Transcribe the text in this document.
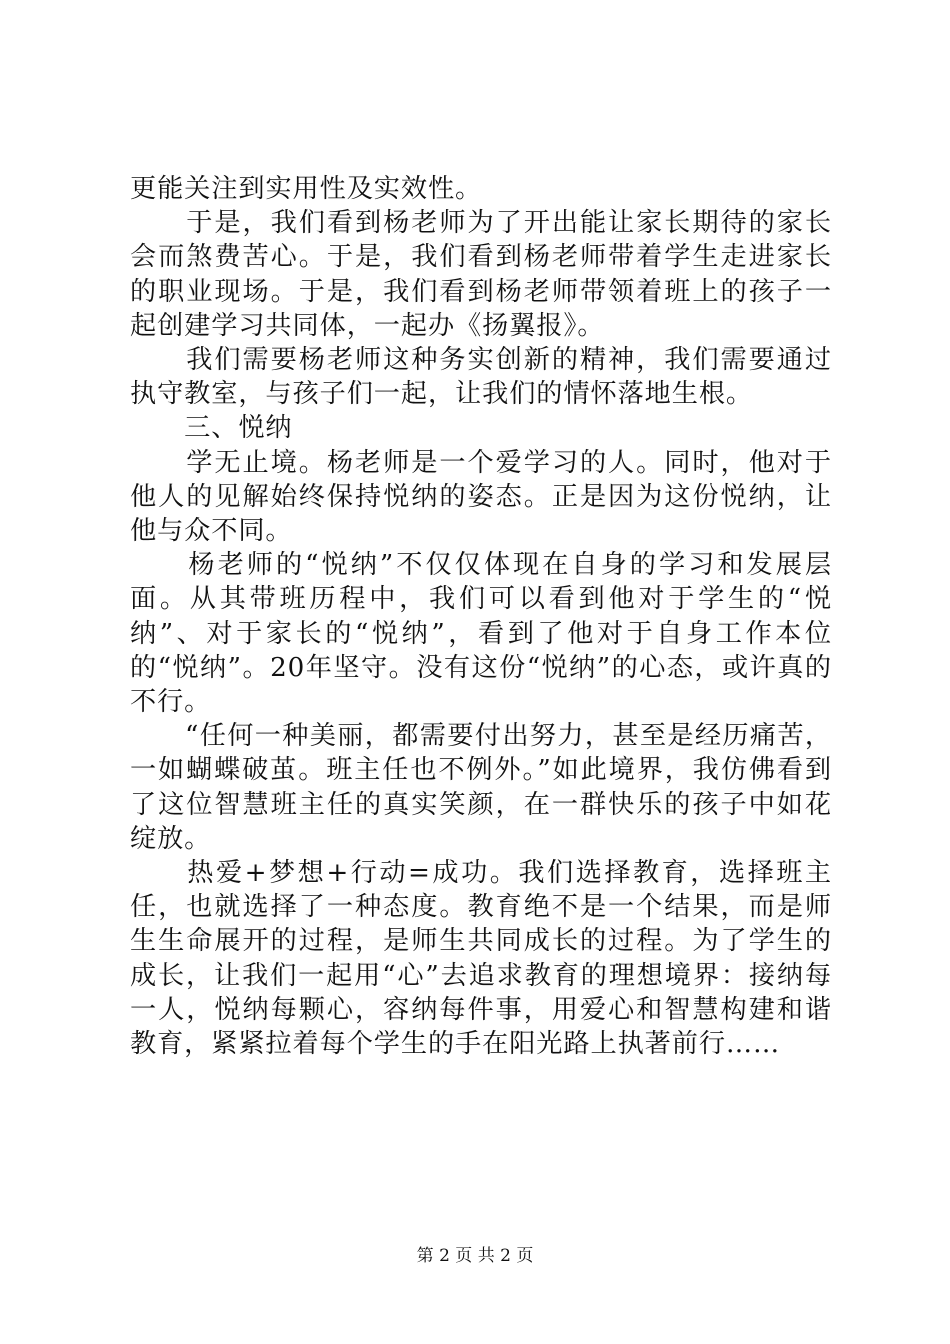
更能关注到实用性及实效性。

　　于是，我们看到杨老师为了开出能让家长期待的家长会而煞费苦心。于是，我们看到杨老师带着学生走进家长的职业现场。于是，我们看到杨老师带领着班上的孩子一起创建学习共同体，一起办《扬翼报》。

　　我们需要杨老师这种务实创新的精神，我们需要通过执守教室，与孩子们一起，让我们的情怀落地生根。

　　三、悦纳

　　学无止境。杨老师是一个爱学习的人。同时，他对于他人的见解始终保持悦纳的姿态。正是因为这份悦纳，让他与众不同。

　　杨老师的“悦纳”不仅仅体现在自身的学习和发展层面。从其带班历程中，我们可以看到他对于学生的“悦纳”、对于家长的“悦纳”，看到了他对于自身工作本位的“悦纳”。20年坚守。没有这份“悦纳”的心态，或许真的不行。

　　“任何一种美丽，都需要付出努力，甚至是经历痛苦，一如蝴蝶破茧。班主任也不例外。”如此境界，我仿佛看到了这位智慧班主任的真实笑颜，在一群快乐的孩子中如花绽放。

　　热爱+梦想+行动=成功。我们选择教育，选择班主任，也就选择了一种态度。教育绝不是一个结果，而是师生生命展开的过程，是师生共同成长的过程。为了学生的成长，让我们一起用“心”去追求教育的理想境界：接纳每一人，悦纳每颗心，容纳每件事，用爱心和智慧构建和谐教育，紧紧拉着每个学生的手在阳光路上执著前行……

第 2 页 共 2 页
